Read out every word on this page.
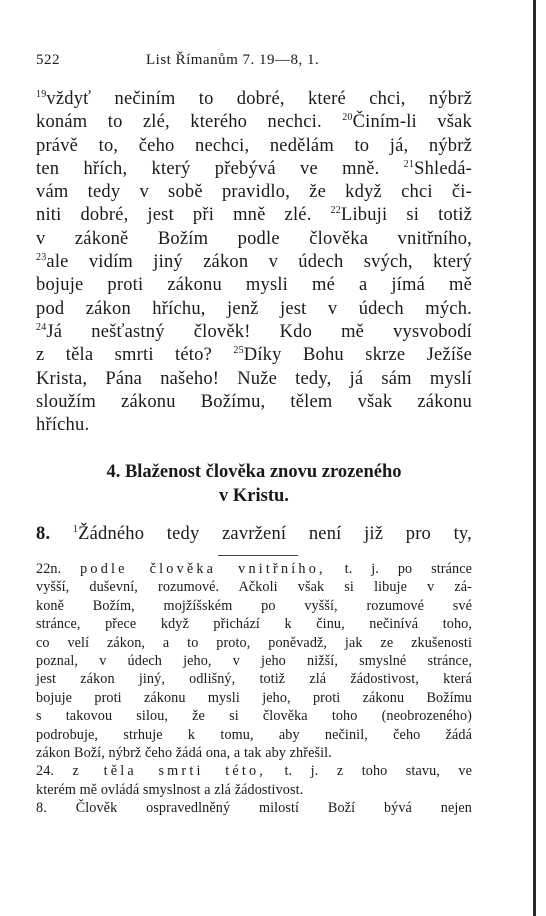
522	List Římanům 7. 19—8, 1.
$^{19}$vždyť nečiním to dobré, které chci, nýbrž
konám to zlé, kteréhо nechci. $^{20}$Činím-li však
právě to, čeho nechci, nedělám to já, nýbrž
ten hřích, který přebývá ve mně. $^{21}$Shledá-
vám tedy v sobě pravidlo, že když chci či-
niti dobré, jest při mně zlé. $^{22}$Libuji si totiž
v zákoně Božím podle člověka vnitřního,
$^{23}$ale vidím jiný zákon v údech svých, který
bojuje proti zákonu mysli mé a jímá mě
pod zákon hříchu, jenž jest v údech mých.
$^{24}$Já nešťastný člověk! Kdo mě vysvobodí
z těla smrti této? $^{25}$Díky Bohu skrze Ježíše
Krista, Pána našeho! Nuže tedy, já sám myslí
sloužím zákonu Božímu, tělem však zákonu
hříchu.
4. Blaženost člověka znovu zrozeného
v Kristu.
8. $^1$Žádného tedy zavržení není již pro ty,
22n. podle člověka vnitřního, t. j. po stránce
vyšší, duševní, rozumové. Ačkoli však si libuje v zá-
koně Božím, mojžíšském po vyšší, rozumové své
stránce, přece když přichází k činu, nečinívá toho,
co velí zákon, a to proto, poněvadž, jak ze zkušenosti
poznal, v údech jeho, v jeho nižší, smyslné stránce,
jest zákon jiný, odlišný, totiž zlá žádostivost, která
bojuje proti zákonu mysli jeho, proti zákonu Božímu
s takovou silou, že si člověka toho (neobrozeného)
podrobuje, strhuje k tomu, aby nečinil, čeho žádá
zákon Boží, nýbrž čeho žádá ona, a tak aby zhřešil.
24. z těla smrti této, t. j. z toho stavu, ve
kterém mě ovládá smyslnost a zlá žádostivost.
8. Člověk ospravedlněný milostí Boží bývá nejen
